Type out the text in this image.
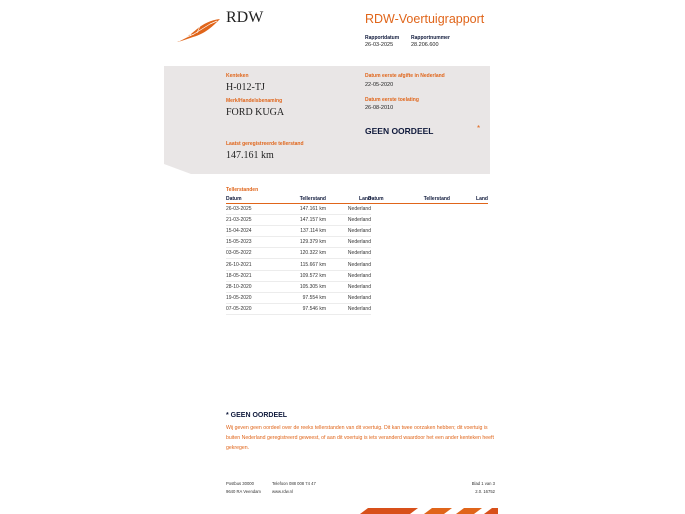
RDW	RDW-Voertuigrapport
Rapportdatum
26-03-2025
Rapportnummer
28.206.600
Kenteken
H-012-TJ
Merk/Handelsbenaming
FORD KUGA
Laatst geregistreerde tellerstand
147.161 km
Datum eerste afgifte in Nederland
22-05-2020
Datum eerste toelating
26-08-2010
GEEN OORDEEL	*
Tellerstanden
Datum	Tellerstand	Land
26-03-2025	147.161 km	Nederland
21-03-2025	147.157 km	Nederland
15-04-2024	137.114 km	Nederland
15-05-2023	129.379 km	Nederland
03-05-2022	120.322 km	Nederland
26-10-2021	115.667 km	Nederland
18-05-2021	109.572 km	Nederland
28-10-2020	105.305 km	Nederland
19-05-2020	97.554 km	Nederland
07-05-2020	97.546 km	Nederland
Datum	Tellerstand	Land
* GEEN OORDEEL
Wij geven geen oordeel over de reeks tellerstanden van dit voertuig. Dit kan twee oorzaken hebben; dit voertuig is buiten Nederland geregistreerd geweest, of aan dit voertuig is iets veranderd waardoor het een ander kenteken heeft gekregen.
Postbus 30000
9640 RA Veendam
Telefoon 088 008 74 47
www.rdw.nl
Blad 1 van 3
2.0. 16752
